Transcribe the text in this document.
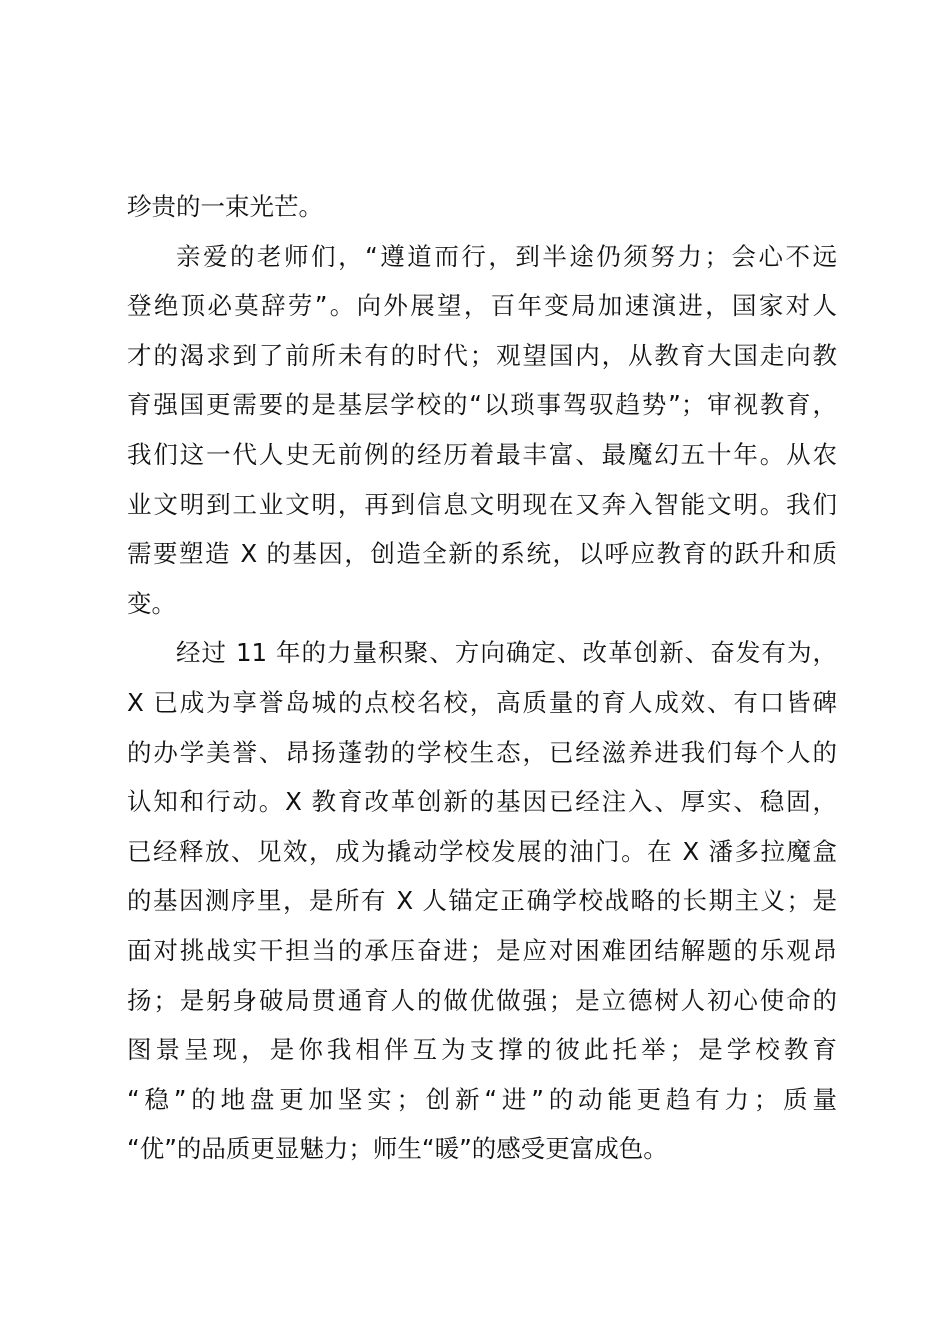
珍贵的一束光芒。
亲爱的老师们，“遵道而行，到半途仍须努力；会心不远
登绝顶必莫辞劳”。向外展望，百年变局加速演进，国家对人
才的渴求到了前所未有的时代；观望国内，从教育大国走向教
育强国更需要的是基层学校的“以琐事驾驭趋势”；审视教育，
我们这一代人史无前例的经历着最丰富、最魔幻五十年。从农
业文明到工业文明，再到信息文明现在又奔入智能文明。我们
需要塑造 X 的基因，创造全新的系统，以呼应教育的跃升和质
变。
经过 11 年的力量积聚、方向确定、改革创新、奋发有为，
X 已成为享誉岛城的点校名校，高质量的育人成效、有口皆碑
的办学美誉、昂扬蓬勃的学校生态，已经滋养进我们每个人的
认知和行动。X 教育改革创新的基因已经注入、厚实、稳固，
已经释放、见效，成为撬动学校发展的油门。在 X 潘多拉魔盒
的基因测序里，是所有 X 人锚定正确学校战略的长期主义；是
面对挑战实干担当的承压奋进；是应对困难团结解题的乐观昂
扬；是躬身破局贯通育人的做优做强；是立德树人初心使命的
图景呈现，是你我相伴互为支撑的彼此托举；是学校教育
“稳”的地盘更加坚实；创新“进”的动能更趋有力；质量
“优”的品质更显魅力；师生“暖”的感受更富成色。
